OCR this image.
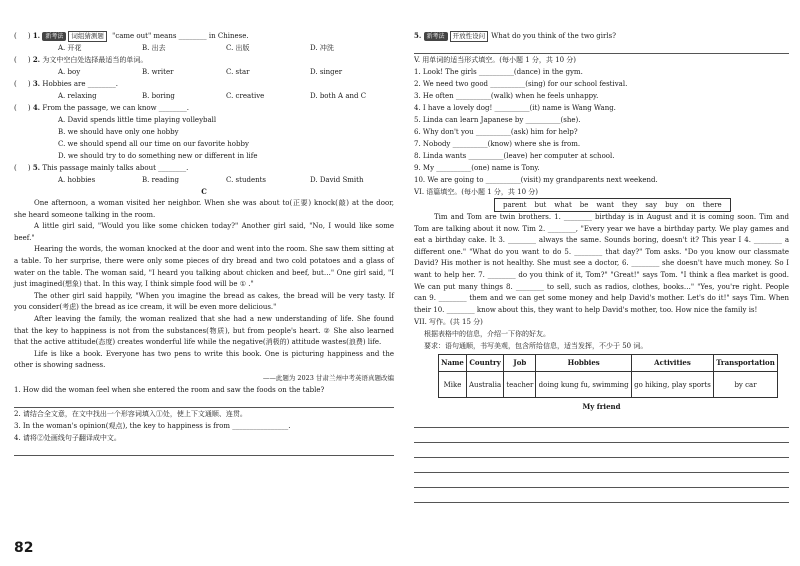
(     ) 1. 新考法 词组猜测题 "came out" means ________ in Chinese.
A. 开花	B. 出去	C. 出版	D. 冲洗
(     ) 2. 为文中空白处选择最适当的单词。
A. boy	B. writer	C. star	D. singer
(     ) 3. Hobbies are ________.
A. relaxing	B. boring	C. creative	D. both A and C
(     ) 4. From the passage, we can know ________.
A. David spends little time playing volleyball
B. we should have only one hobby
C. we should spend all our time on our favorite hobby
D. we should try to do something new or different in life
(     ) 5. This passage mainly talks about ________.
A. hobbies	B. reading	C. students	D. David Smith
C
One afternoon, a woman visited her neighbor. When she was about to(正要) knock(敲) at the door, she heard someone talking in the room.
A little girl said, "Would you like some chicken today?" Another girl said, "No, I would like some beef."
Hearing the words, the woman knocked at the door and went into the room. She saw them sitting at a table. To her surprise, there were only some pieces of dry bread and two cold potatoes and a glass of water on the table. The woman said, "I heard you talking about chicken and beef, but…" One girl said, "I just imagined(想象) that. In this way, I think simple food will be ① ."
The other girl said happily, "When you imagine the bread as cakes, the bread will be very tasty. If you consider(考虑) the bread as ice cream, it will be even more delicious."
After leaving the family, the woman realized that she had a new understanding of life. She found that the key to happiness is not from the substances(物质), but from people's heart. ② She also learned that the active attitude(态度) creates wonderful life while the negative(消极的) attitude wastes(浪费) life.
Life is like a book. Everyone has two pens to write this book. One is picturing happiness and the other is showing sadness.
——此题为 2023 甘肃兰州中考英语真题改编
1. How did the woman feel when she entered the room and saw the foods on the table?
2. 请结合全文意，在文中找出一个形容词填入①处，使上下文通顺、连贯。
3. In the woman's opinion(观点), the key to happiness is from ________________.
4. 请将②处画线句子翻译成中文。
82
5. 新考法 开放性设问 What do you think of the two girls?
V. 用单词的适当形式填空。(每小题 1 分，共 10 分)
1. Look! The girls __________(dance) in the gym.
2. We need two good __________(sing) for our school festival.
3. He often __________(walk) when he feels unhappy.
4. I have a lovely dog! __________(it) name is Wang Wang.
5. Linda can learn Japanese by __________(she).
6. Why don't you __________(ask) him for help?
7. Nobody __________(know) where she is from.
8. Linda wants __________(leave) her computer at school.
9. My __________(one) name is Tony.
10. We are going to __________(visit) my grandparents next weekend.
VI. 语篇填空。(每小题 1 分，共 10 分)
parent but what be want they say buy on there
Tim and Tom are twin brothers. 1. ________ birthday is in August and it is coming soon. Tim and Tom are talking about it now. Tim 2. ________, "Every year we have a birthday party. We play games and eat a birthday cake. It 3. ________ always the same. Sounds boring, doesn't it? This year I 4. ________ a different one." "What do you want to do 5. ________ that day?" Tom asks. "Do you know our classmate David? His mother is not healthy. She must see a doctor, 6. ________ she doesn't have much money. So I want to help her. 7. ________ do you think of it, Tom?" "Great!" says Tom. "I think a flea market is good. We can put many things 8. ________ to sell, such as radios, clothes, books…" "Yes, you're right. People can 9. ________ them and we can get some money and help David's mother. Let's do it!" says Tim. When their 10. ________ know about this, they want to help David's mother, too. How nice the family is!
VII. 写作。(共 15 分)
根据表格中的信息，介绍一下你的好友。
要求：语句通顺，书写美观，包含所给信息，适当发挥，不少于 50 词。
Name	Country	Job	Hobbies	Activities	Transportation
Mike	Australia	teacher	doing kung fu, swimming	go hiking, play sports	by car
My friend
